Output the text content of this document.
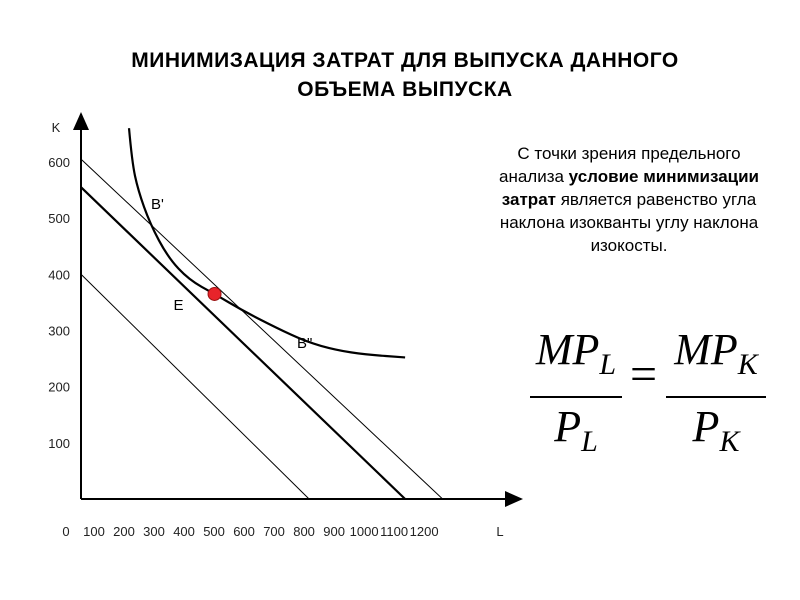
МИНИМИЗАЦИЯ ЗАТРАТ ДЛЯ ВЫПУСКА ДАННОГО
ОБЪЕМА ВЫПУСКА
K
L
0 100 200 300 400 500 600 700 800 900 1000 1100 1200
100
200
300
400
500
600
E
B'
B"
С точки зрения предельного анализа условие минимизации затрат является равенство угла наклона изокванты углу наклона изокосты.
$MP_L$
$P_L$
= $MP_K$
$P_K$
